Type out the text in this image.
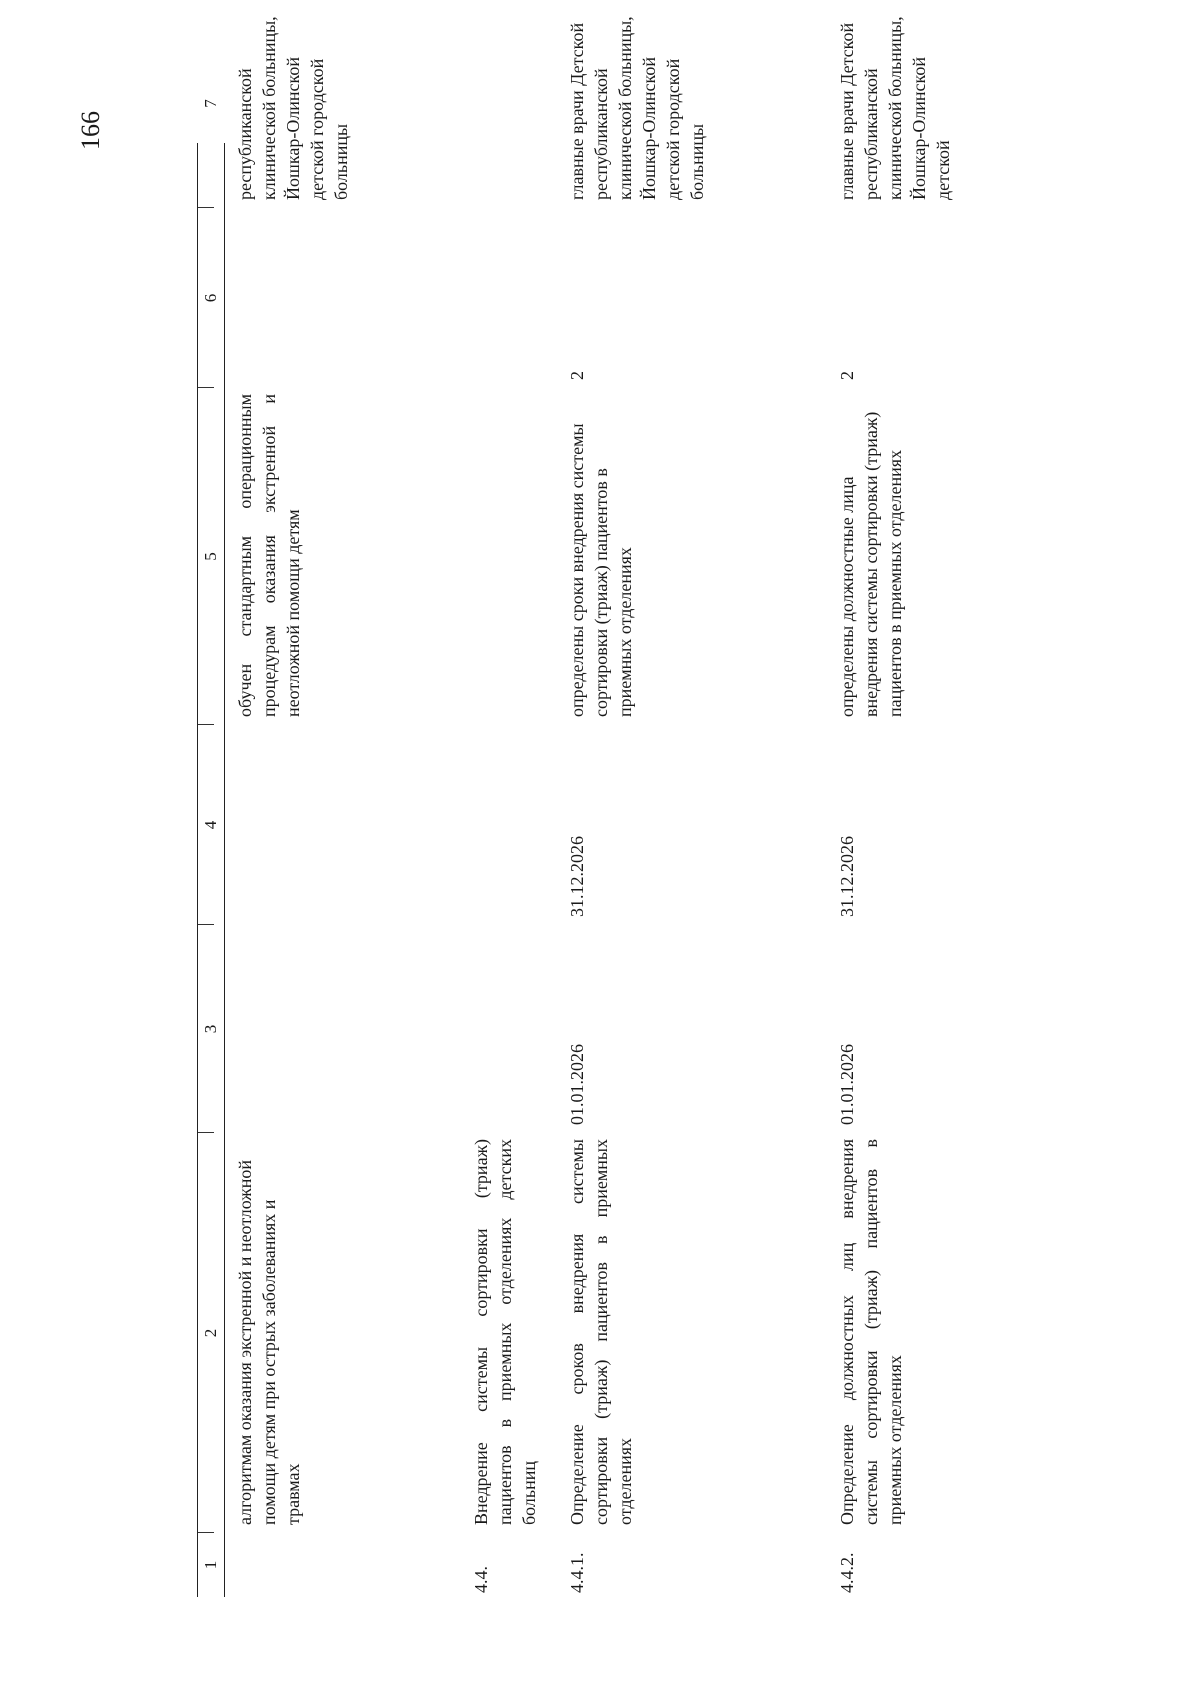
166
1
2
3
4
5
6
7
алгоритмам оказания экстренной и неотложной помощи детям при острых заболеваниях и травмах
обучен стандартным операционным процедурам оказания экстренной и неотложной помощи детям
республиканской клинической больницы, Йошкар-Олинской детской городской больницы
4.4.
Внедрение системы сортировки (триаж) пациентов в приемных отделениях детских больниц
4.4.1.
Определение сроков внедрения системы сортировки (триаж) пациентов в приемных отделениях
01.01.2026
31.12.2026
определены сроки внедрения системы сортировки (триаж) пациентов в приемных отделениях
2
главные врачи Детской республиканской клинической больницы, Йошкар-Олинской детской городской больницы
4.4.2.
Определение должностных лиц внедрения системы сортировки (триаж) пациентов в приемных отделениях
01.01.2026
31.12.2026
определены должностные лица внедрения системы сортировки (триаж) пациентов в приемных отделениях
2
главные врачи Детской республиканской клинической больницы, Йошкар-Олинской детской
